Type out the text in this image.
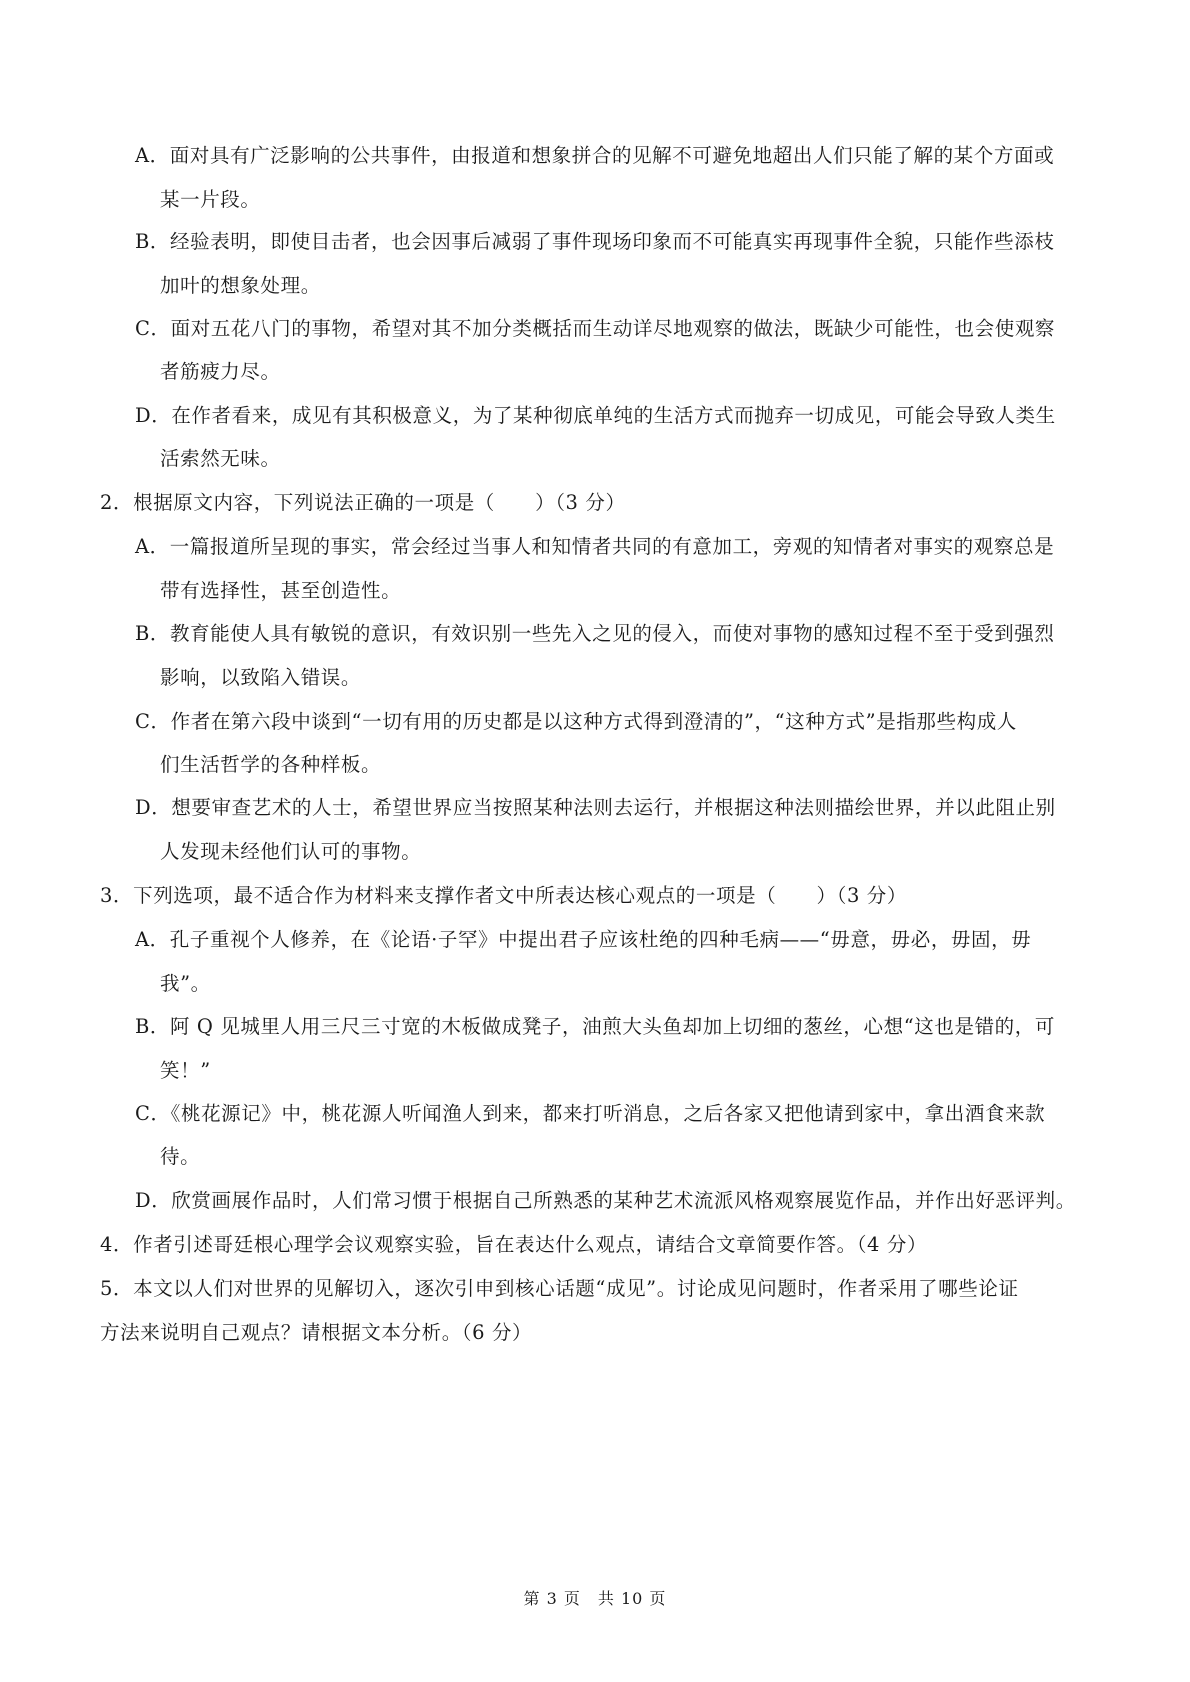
A．面对具有广泛影响的公共事件，由报道和想象拼合的见解不可避免地超出人们只能了解的某个方面或
某一片段。
B．经验表明，即使目击者，也会因事后减弱了事件现场印象而不可能真实再现事件全貌，只能作些添枝
加叶的想象处理。
C．面对五花八门的事物，希望对其不加分类概括而生动详尽地观察的做法，既缺少可能性，也会使观察
者筋疲力尽。
D．在作者看来，成见有其积极意义，为了某种彻底单纯的生活方式而抛弃一切成见，可能会导致人类生
活索然无味。
2．根据原文内容，下列说法正确的一项是（　　）（3 分）
A．一篇报道所呈现的事实，常会经过当事人和知情者共同的有意加工，旁观的知情者对事实的观察总是
带有选择性，甚至创造性。
B．教育能使人具有敏锐的意识，有效识别一些先入之见的侵入，而使对事物的感知过程不至于受到强烈
影响，以致陷入错误。
C．作者在第六段中谈到“一切有用的历史都是以这种方式得到澄清的”，“这种方式”是指那些构成人
们生活哲学的各种样板。
D．想要审查艺术的人士，希望世界应当按照某种法则去运行，并根据这种法则描绘世界，并以此阻止别
人发现未经他们认可的事物。
3．下列选项，最不适合作为材料来支撑作者文中所表达核心观点的一项是（　　）（3 分）
A．孔子重视个人修养，在《论语·子罕》中提出君子应该杜绝的四种毛病——“毋意，毋必，毋固，毋
我”。
B．阿 Q 见城里人用三尺三寸宽的木板做成凳子，油煎大头鱼却加上切细的葱丝，心想“这也是错的，可
笑！”
C．《桃花源记》中，桃花源人听闻渔人到来，都来打听消息，之后各家又把他请到家中，拿出酒食来款
待。
D．欣赏画展作品时，人们常习惯于根据自己所熟悉的某种艺术流派风格观察展览作品，并作出好恶评判。
4．作者引述哥廷根心理学会议观察实验，旨在表达什么观点，请结合文章简要作答。（4 分）
5．本文以人们对世界的见解切入，逐次引申到核心话题“成见”。讨论成见问题时，作者采用了哪些论证
方法来说明自己观点？请根据文本分析。（6 分）
第 3 页　共 10 页
